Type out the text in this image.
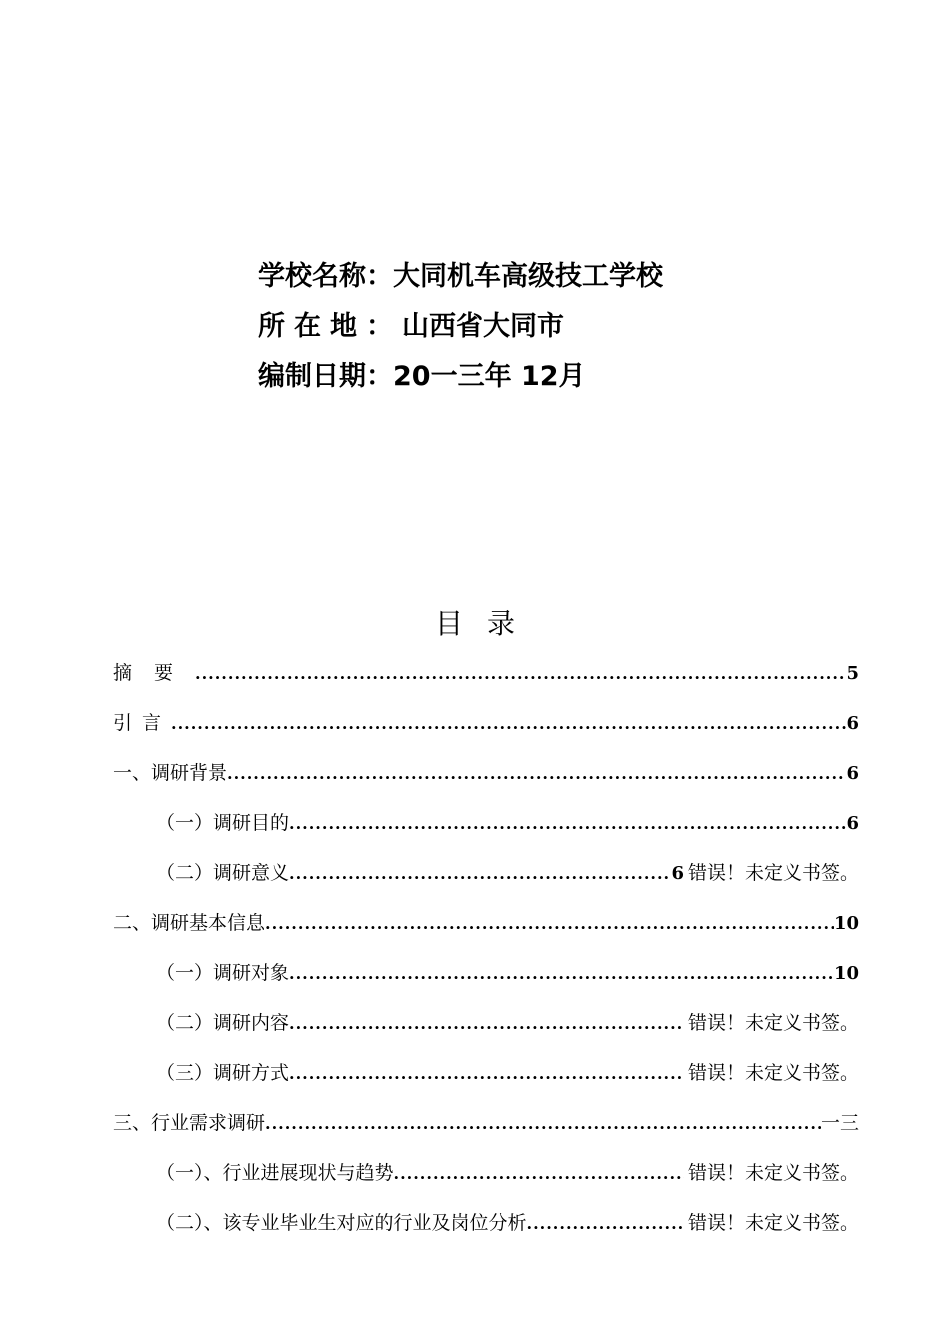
学校名称： 大同机车高级技工学校
所在地： 山西省大同市
编制日期： 20一三年 12月
目录
摘要 .....	5
引言 .....	6
一、调研背景 .....	6
（一）调研目的 .....	6
（二）调研意义 .....	6 错误！未定义书签。
二、调研基本信息 .....	10
（一）调研对象 .....	10
（二）调研内容 .....	错误！未定义书签。
（三）调研方式 .....	错误！未定义书签。
三、行业需求调研 .....	一三
（一）、行业进展现状与趋势 .....	错误！未定义书签。
（二）、该专业毕业生对应的行业及岗位分析 .....	错误！未定义书签。
